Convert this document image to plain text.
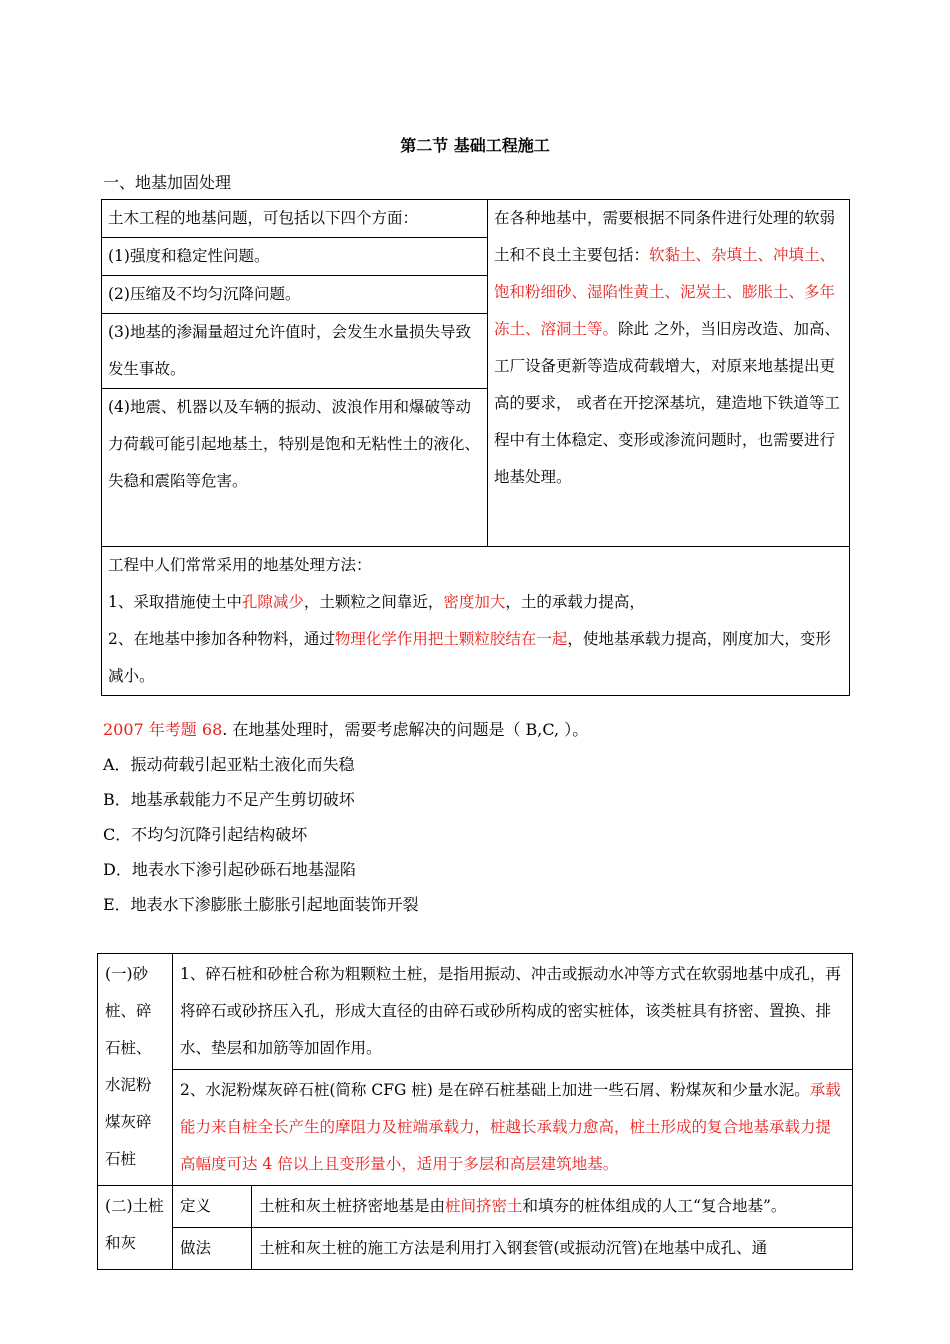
第二节 基础工程施工
一、地基加固处理
土木工程的地基问题，可包括以下四个方面：	在各种地基中，需要根据不同条件进行处理的软弱土和不良土主要包括：软黏土、杂填土、冲填土、饱和粉细砂、湿陷性黄土、泥炭土、膨胀土、多年冻土、溶洞土等。除此 之外，当旧房改造、加高、工厂设备更新等造成荷载增大，对原来地基提出更高的要求， 或者在开挖深基坑，建造地下铁道等工程中有土体稳定、变形或渗流问题时，也需要进行地基处理。
(1)强度和稳定性问题。
(2)压缩及不均匀沉降问题。
(3)地基的渗漏量超过允许值时，会发生水量损失导致发生事故。
(4)地震、机器以及车辆的振动、波浪作用和爆破等动力荷载可能引起地基土，特别是饱和无粘性土的液化、失稳和震陷等危害。

工程中人们常常采用的地基处理方法：
1、采取措施使土中孔隙减少，土颗粒之间靠近，密度加大，土的承载力提高，
2、在地基中掺加各种物料，通过物理化学作用把土颗粒胶结在一起，使地基承载力提高，刚度加大，变形减小。
2007 年考题 68. 在地基处理时，需要考虑解决的问题是（ B,C, ）。
A．振动荷载引起亚粘土液化而失稳
B．地基承载能力不足产生剪切破坏
C．不均匀沉降引起结构破坏
D．地表水下渗引起砂砾石地基湿陷
E．地表水下渗膨胀土膨胀引起地面装饰开裂
(一)砂桩、碎石桩、水泥粉煤灰碎石桩	1、碎石桩和砂桩合称为粗颗粒土桩，是指用振动、冲击或振动水冲等方式在软弱地基中成孔，再将碎石或砂挤压入孔，形成大直径的由碎石或砂所构成的密实桩体，该类桩具有挤密、置换、排水、垫层和加筋等加固作用。	
	2、水泥粉煤灰碎石桩(简称 CFG 桩) 是在碎石桩基础上加进一些石屑、粉煤灰和少量水泥。承载能力来自桩全长产生的摩阻力及桩端承载力，桩越长承载力愈高，桩土形成的复合地基承载力提高幅度可达 4 倍以上且变形量小，适用于多层和高层建筑地基。	
(二)土桩和灰	定义	土桩和灰土桩挤密地基是由桩间挤密土和填夯的桩体组成的人工“复合地基”。
	做法	土桩和灰土桩的施工方法是利用打入钢套管(或振动沉管)在地基中成孔、通
